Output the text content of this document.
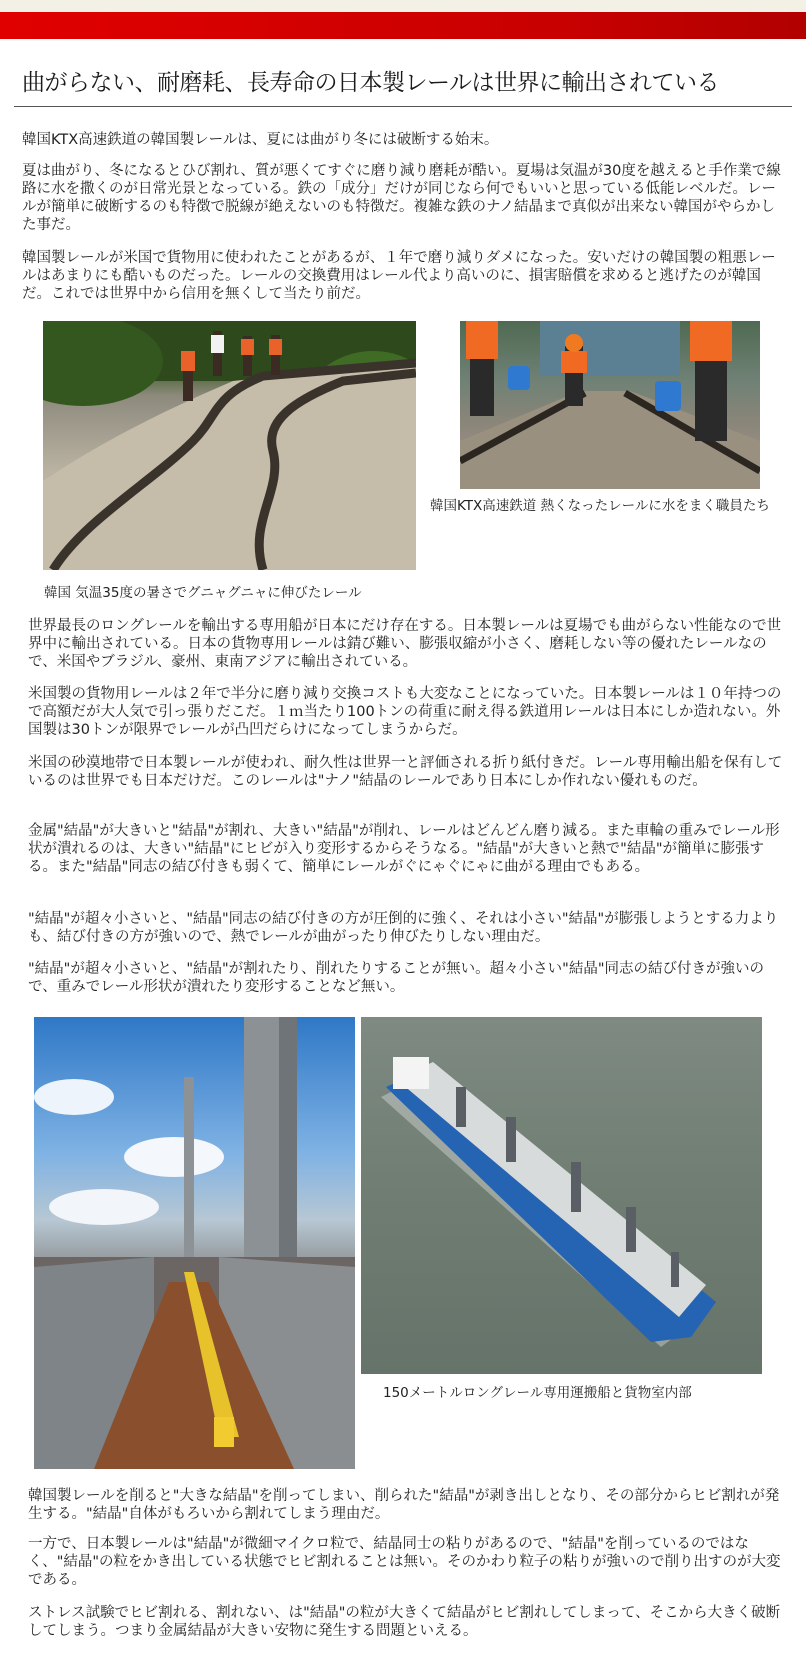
曲がらない、耐磨耗、長寿命の日本製レールは世界に輸出されている
韓国KTX高速鉄道の韓国製レールは、夏には曲がり冬には破断する始末。
夏は曲がり、冬になるとひび割れ、質が悪くてすぐに磨り減り磨耗が酷い。夏場は気温が30度を越えると手作業で線路に水を撒くのが日常光景となっている。鉄の「成分」だけが同じなら何でもいいと思っている低能レベルだ。レールが簡単に破断するのも特徴で脱線が絶えないのも特徴だ。複雑な鉄のナノ結晶まで真似が出来ない韓国がやらかした事だ。
韓国製レールが米国で貨物用に使われたことがあるが、１年で磨り減りダメになった。安いだけの韓国製の粗悪レールはあまりにも酷いものだった。レールの交換費用はレール代より高いのに、損害賠償を求めると逃げたのが韓国だ。これでは世界中から信用を無くして当たり前だ。
韓国 気温35度の暑さでグニャグニャに伸びたレール
韓国KTX高速鉄道 熱くなったレールに水をまく職員たち
世界最長のロングレールを輸出する専用船が日本にだけ存在する。日本製レールは夏場でも曲がらない性能なので世界中に輸出されている。日本の貨物専用レールは錆び難い、膨張収縮が小さく、磨耗しない等の優れたレールなので、米国やブラジル、豪州、東南アジアに輸出されている。
米国製の貨物用レールは２年で半分に磨り減り交換コストも大変なことになっていた。日本製レールは１０年持つので高額だが大人気で引っ張りだこだ。１ｍ当たり100トンの荷重に耐え得る鉄道用レールは日本にしか造れない。外国製は30トンが限界でレールが凸凹だらけになってしまうからだ。
米国の砂漠地帯で日本製レールが使われ、耐久性は世界一と評価される折り紙付きだ。レール専用輸出船を保有しているのは世界でも日本だけだ。このレールは"ナノ"結晶のレールであり日本にしか作れない優れものだ。
金属"結晶"が大きいと"結晶"が割れ、大きい"結晶"が削れ、レールはどんどん磨り減る。また車輪の重みでレール形状が潰れるのは、大きい"結晶"にヒビが入り変形するからそうなる。"結晶"が大きいと熱で"結晶"が簡単に膨張する。また"結晶"同志の結び付きも弱くて、簡単にレールがぐにゃぐにゃに曲がる理由でもある。
"結晶"が超々小さいと、"結晶"同志の結び付きの方が圧倒的に強く、それは小さい"結晶"が膨張しようとする力よりも、結び付きの方が強いので、熱でレールが曲がったり伸びたりしない理由だ。
"結晶"が超々小さいと、"結晶"が割れたり、削れたりすることが無い。超々小さい"結晶"同志の結び付きが強いので、重みでレール形状が潰れたり変形することなど無い。
150メートルロングレール専用運搬船と貨物室内部
韓国製レールを削ると"大きな結晶"を削ってしまい、削られた"結晶"が剥き出しとなり、その部分からヒビ割れが発生する。"結晶"自体がもろいから割れてしまう理由だ。
一方で、日本製レールは"結晶"が微細マイクロ粒で、結晶同士の粘りがあるので、"結晶"を削っているのではなく、"結晶"の粒をかき出している状態でヒビ割れることは無い。そのかわり粒子の粘りが強いので削り出すのが大変である。
ストレス試験でヒビ割れる、割れない、は"結晶"の粒が大きくて結晶がヒビ割れしてしまって、そこから大きく破断してしまう。つまり金属結晶が大きい安物に発生する問題といえる。
